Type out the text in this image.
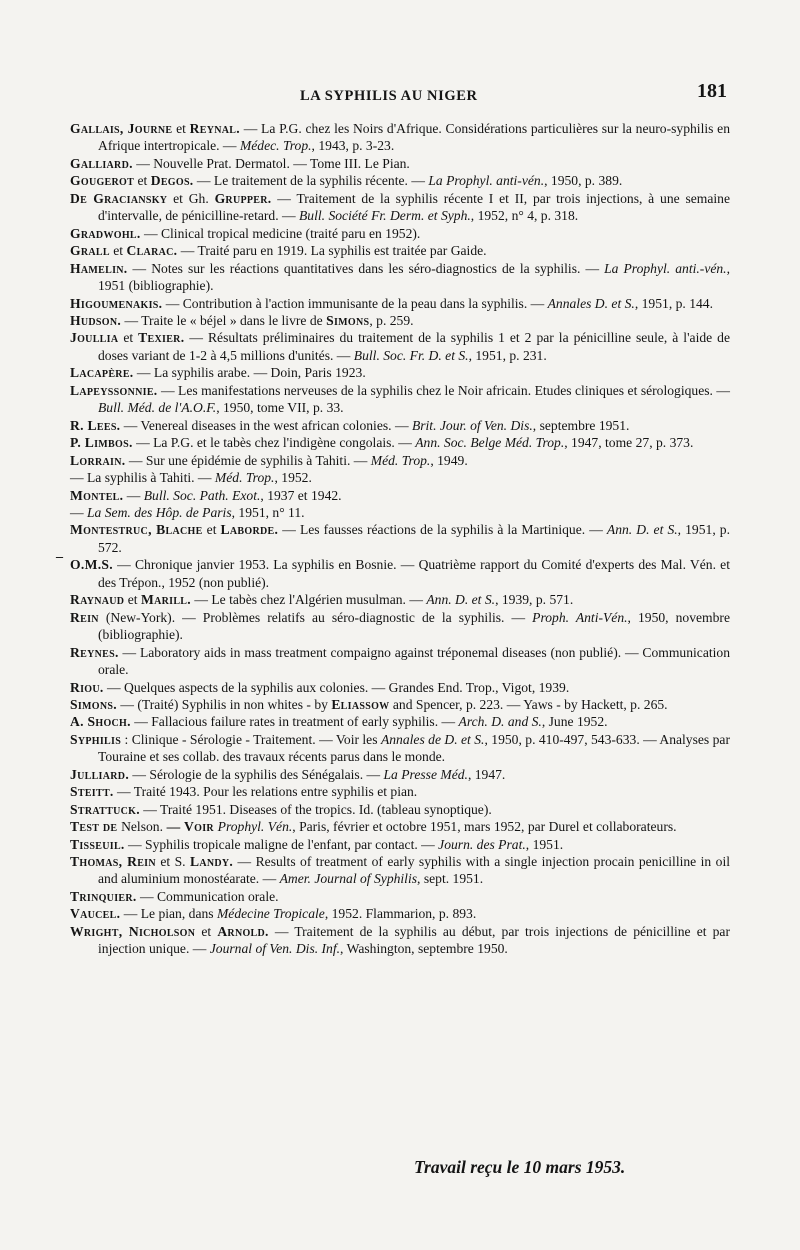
LA SYPHILIS AU NIGER	181
_
Gallais, Journe et Reynal. — La P.G. chez les Noirs d'Afrique. Considérations particulières sur la neuro-syphilis en Afrique intertropicale. — Médec. Trop., 1943, p. 3-23.
Galliard. — Nouvelle Prat. Dermatol. — Tome III. Le Pian.
Gougerot et Degos. — Le traitement de la syphilis récente. — La Prophyl. anti-vén., 1950, p. 389.
De Graciansky et Gh. Grupper. — Traitement de la syphilis récente I et II, par trois injections, à une semaine d'intervalle, de pénicilline-retard. — Bull. Société Fr. Derm. et Syph., 1952, n° 4, p. 318.
Gradwohl. — Clinical tropical medicine (traité paru en 1952).
Grall et Clarac. — Traité paru en 1919. La syphilis est traitée par Gaide.
Hamelin. — Notes sur les réactions quantitatives dans les séro-diagnostics de la syphilis. — La Prophyl. anti.-vén., 1951 (bibliographie).
Higoumenakis. — Contribution à l'action immunisante de la peau dans la syphilis. — Annales D. et S., 1951, p. 144.
Hudson. — Traite le « béjel » dans le livre de Simons, p. 259.
Joullia et Texier. — Résultats préliminaires du traitement de la syphilis 1 et 2 par la pénicilline seule, à l'aide de doses variant de 1-2 à 4,5 millions d'unités. — Bull. Soc. Fr. D. et S., 1951, p. 231.
Lacapère. — La syphilis arabe. — Doin, Paris 1923.
Lapeyssonnie. — Les manifestations nerveuses de la syphilis chez le Noir africain. Etudes cliniques et sérologiques. — Bull. Méd. de l'A.O.F., 1950, tome VII, p. 33.
R. Lees. — Venereal diseases in the west african colonies. — Brit. Jour. of Ven. Dis., septembre 1951.
P. Limbos. — La P.G. et le tabès chez l'indigène congolais. — Ann. Soc. Belge Méd. Trop., 1947, tome 27, p. 373.
Lorrain. — Sur une épidémie de syphilis à Tahiti. — Méd. Trop., 1949.
— La syphilis à Tahiti. — Méd. Trop., 1952.
Montel. — Bull. Soc. Path. Exot., 1937 et 1942.
— La Sem. des Hôp. de Paris, 1951, n° 11.
Montestruc, Blache et Laborde. — Les fausses réactions de la syphilis à la Martinique. — Ann. D. et S., 1951, p. 572.
O.M.S. — Chronique janvier 1953. La syphilis en Bosnie. — Quatrième rapport du Comité d'experts des Mal. Vén. et des Trépon., 1952 (non publié).
Raynaud et Marill. — Le tabès chez l'Algérien musulman. — Ann. D. et S., 1939, p. 571.
Rein (New-York). — Problèmes relatifs au séro-diagnostic de la syphilis. — Proph. Anti-Vén., 1950, novembre (bibliographie).
Reynes. — Laboratory aids in mass treatment compaigno against tréponemal diseases (non publié). — Communication orale.
Riou. — Quelques aspects de la syphilis aux colonies. — Grandes End. Trop., Vigot, 1939.
Simons. — (Traité) Syphilis in non whites - by Eliassow and Spencer, p. 223. — Yaws - by Hackett, p. 265.
A. Shoch. — Fallacious failure rates in treatment of early syphilis. — Arch. D. and S., June 1952.
Syphilis : Clinique - Sérologie - Traitement. — Voir les Annales de D. et S., 1950, p. 410-497, 543-633. — Analyses par Touraine et ses collab. des travaux récents parus dans le monde.
Julliard. — Sérologie de la syphilis des Sénégalais. — La Presse Méd., 1947.
Steitt. — Traité 1943. Pour les relations entre syphilis et pian.
Strattuck. — Traité 1951. Diseases of the tropics. Id. (tableau synoptique).
Test de Nelson. — Voir Prophyl. Vén., Paris, février et octobre 1951, mars 1952, par Durel et collaborateurs.
Tisseuil. — Syphilis tropicale maligne de l'enfant, par contact. — Journ. des Prat., 1951.
Thomas, Rein et S. Landy. — Results of treatment of early syphilis with a single injection procain penicilline in oil and aluminium monostéarate. — Amer. Journal of Syphilis, sept. 1951.
Trinquier. — Communication orale.
Vaucel. — Le pian, dans Médecine Tropicale, 1952. Flammarion, p. 893.
Wright, Nicholson et Arnold. — Traitement de la syphilis au début, par trois injections de pénicilline et par injection unique. — Journal of Ven. Dis. Inf., Washington, septembre 1950.
Travail reçu le 10 mars 1953.
